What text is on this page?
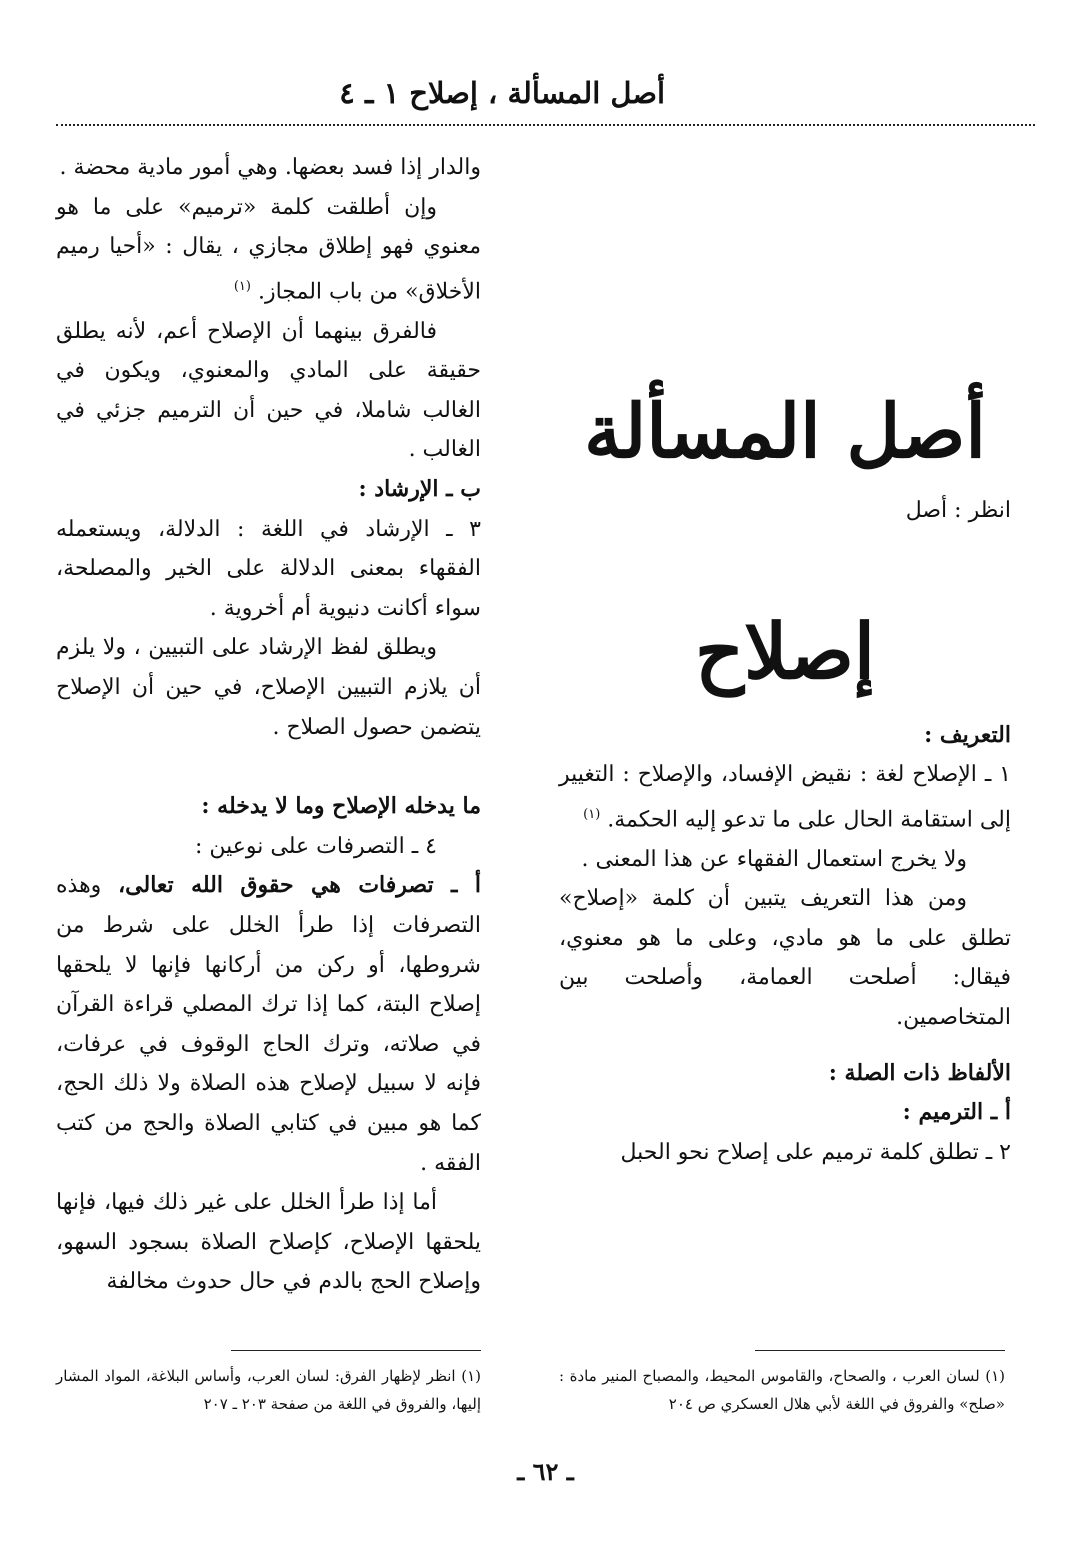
أصل المسألة ، إصلاح ١ ـ ٤

أصل المسألة

انظر : أصل

إصلاح

التعريف :

١ ـ الإصلاح لغة : نقيض الإفساد، والإصلاح : التغيير إلى استقامة الحال على ما تدعو إليه الحكمة. $^{(١)}$

ولا يخرج استعمال الفقهاء عن هذا المعنى .

ومن هذا التعريف يتبين أن كلمة «إصلاح» تطلق على ما هو مادي، وعلى ما هو معنوي، فيقال: أصلحت العمامة، وأصلحت بين المتخاصمين.

الألفاظ ذات الصلة :

أ ـ الترميم :

٢ ـ تطلق كلمة ترميم على إصلاح نحو الحبل

والدار إذا فسد بعضها. وهي أمور مادية محضة .

وإن أطلقت كلمة «ترميم» على ما هو معنوي فهو إطلاق مجازي ، يقال : «أحيا رميم الأخلاق» من باب المجاز. $^{(١)}$

فالفرق بينهما أن الإصلاح أعم، لأنه يطلق حقيقة على المادي والمعنوي، ويكون في الغالب شاملا، في حين أن الترميم جزئي في الغالب .

ب ـ الإرشاد :

٣ ـ الإرشاد في اللغة : الدلالة، ويستعمله الفقهاء بمعنى الدلالة على الخير والمصلحة، سواء أكانت دنيوية أم أخروية .

ويطلق لفظ الإرشاد على التبيين ، ولا يلزم أن يلازم التبيين الإصلاح، في حين أن الإصلاح يتضمن حصول الصلاح .

ما يدخله الإصلاح وما لا يدخله :

٤ ـ التصرفات على نوعين :

أ ـ تصرفات هي حقوق الله تعالى، وهذه التصرفات إذا طرأ الخلل على شرط من شروطها، أو ركن من أركانها فإنها لا يلحقها إصلاح البتة، كما إذا ترك المصلي قراءة القرآن في صلاته، وترك الحاج الوقوف في عرفات، فإنه لا سبيل لإصلاح هذه الصلاة ولا ذلك الحج، كما هو مبين في كتابي الصلاة والحج من كتب الفقه .

أما إذا طرأ الخلل على غير ذلك فيها، فإنها يلحقها الإصلاح، كإصلاح الصلاة بسجود السهو، وإصلاح الحج بالدم في حال حدوث مخالفة

(١) لسان العرب ، والصحاح، والقاموس المحيط، والمصباح المنير مادة : «صلح» والفروق في اللغة لأبي هلال العسكري ص ٢٠٤
(١) انظر لإظهار الفرق: لسان العرب، وأساس البلاغة، المواد المشار إليها، والفروق في اللغة من صفحة ٢٠٣ ـ ٢٠٧
ـ ٦٢ ـ
